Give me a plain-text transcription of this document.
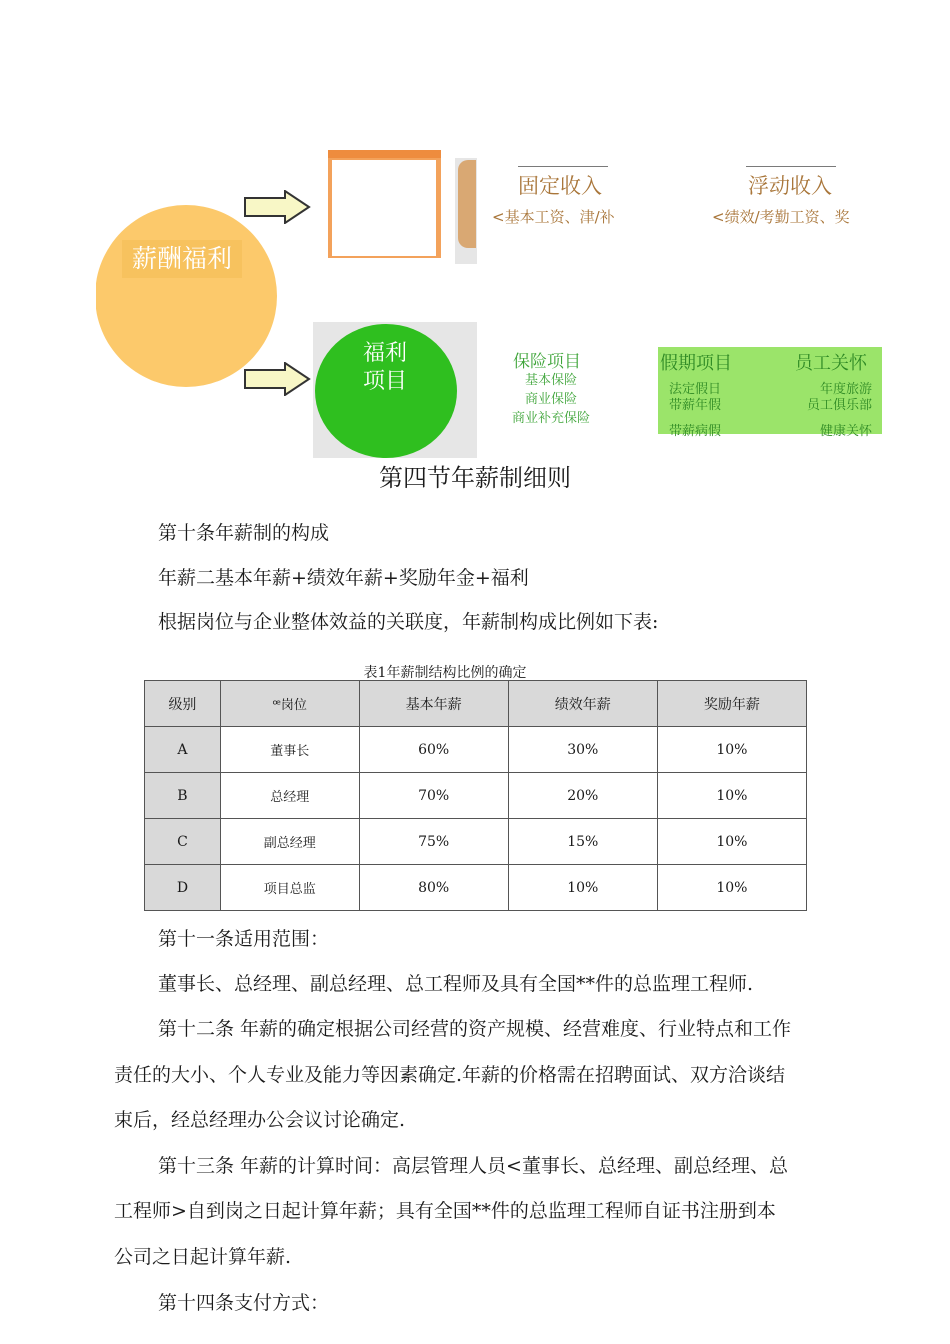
薪酬福利
福利
项目
固定收入
<基本工资、津/补
浮动收入
<绩效/考勤工资、奖
保险项目
基本保险
商业保险
商业补充保险
假期项目	员工关怀
法定假日
带薪年假
带薪病假
年度旅游
员工俱乐部
健康关怀
第四节年薪制细则
第十条年薪制的构成
年薪二基本年薪+绩效年薪+奖励年金+福利
根据岗位与企业整体效益的关联度，年薪制构成比例如下表:
表1年薪制结构比例的确定
级别	ꟹ岗位	基本年薪	绩效年薪	奖励年薪
A	董事长	60%	30%	10%
B	总经理	70%	20%	10%
C	副总经理	75%	15%	10%
D	项目总监	80%	10%	10%
第十一条适用范围：
董事长、总经理、副总经理、总工程师及具有全国**件的总监理工程师.
第十二条 年薪的确定根据公司经营的资产规模、经营难度、行业特点和工作
责任的大小、个人专业及能力等因素确定.年薪的价格需在招聘面试、双方洽谈结
束后，经总经理办公会议讨论确定.
第十三条 年薪的计算时间：高层管理人员<董事长、总经理、副总经理、总
工程师>自到岗之日起计算年薪；具有全国**件的总监理工程师自证书注册到本
公司之日起计算年薪.
第十四条支付方式：
